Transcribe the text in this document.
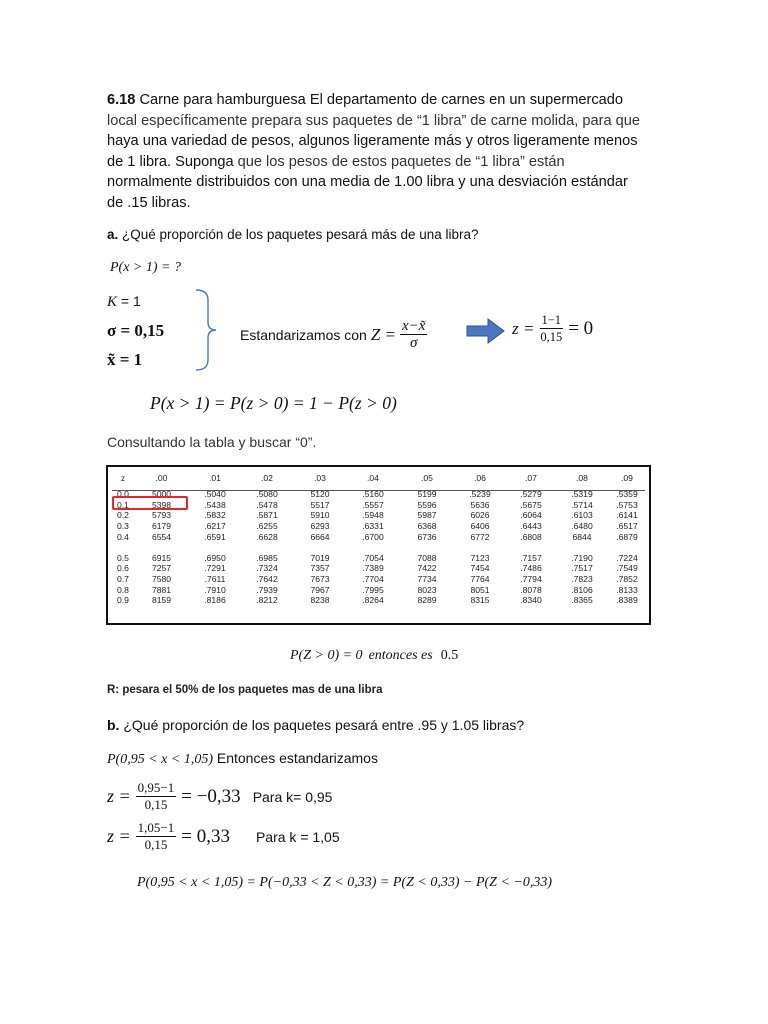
6.18 Carne para hamburguesa El departamento de carnes en un supermercado
local específicamente prepara sus paquetes de “1 libra” de carne molida, para que
haya una variedad de pesos, algunos ligeramente más y otros ligeramente menos
de 1 libra. Suponga que los pesos de estos paquetes de “1 libra” están
normalmente distribuidos con una media de 1.00 libra y una desviación estándar
de .15 libras.
a. ¿Qué proporción de los paquetes pesará más de una libra?
P(x > 1) = ?
K = 1
σ = 0,15
x̃ = 1
Estandarizamos con $Z = \frac{x-x̃}{\sigma}$	$z = \frac{1-1}{0,15} = 0$
P(x > 1) = P(z > 0) = 1 − P(z > 0)
Consultando la tabla y buscar “0”.
z	.00	.01	.02	.03	.04	.05	.06	.07	.08	.09
0.0	5000	.5040	.5080	5120	.5160	5199	.5239	.5279	.5319	.5359
0.1	5398	.5438	.5478	5517	.5557	5596	5636	.5675	.5714	.5753
0.2	5793	.5832	.5871	5910	.5948	5987	6026	.6064	.6103	.6141
0.3	6179	.6217	.6255	6293	.6331	6368	6406	.6443	.6480	.6517
0.4	6554	.6591	.6628	6664	.6700	6736	6772	.6808	6844	.6879

0.5	6915	.6950	.6985	7019	.7054	7088	7123	.7157	.7190	.7224
0.6	7257	.7291	.7324	7357	.7389	7422	7454	.7486	.7517	.7549
0.7	7580	.7611	.7642	7673	.7704	7734	7764	.7794	.7823	.7852
0.8	7881	.7910	.7939	7967	.7995	8023	8051	.8078	.8106	.8133
0.9	8159	.8186	.8212	8238	.8264	8289	8315	.8340	.8365	.8389
P(Z > 0) = 0 entonces es 0.5
R: pesara el 50% de los paquetes mas de una libra
b. ¿Qué proporción de los paquetes pesará entre .95 y 1.05 libras?
P(0,95 < x < 1,05) Entonces estandarizamos
$z = \frac{0,95-1}{0,15} = -0,33$ Para k= 0,95
$z = \frac{1,05-1}{0,15} = 0,33$ Para k = 1,05
P(0,95 < x < 1,05) = P(−0,33 < Z < 0,33) = P(Z < 0,33) − P(Z < −0,33)
